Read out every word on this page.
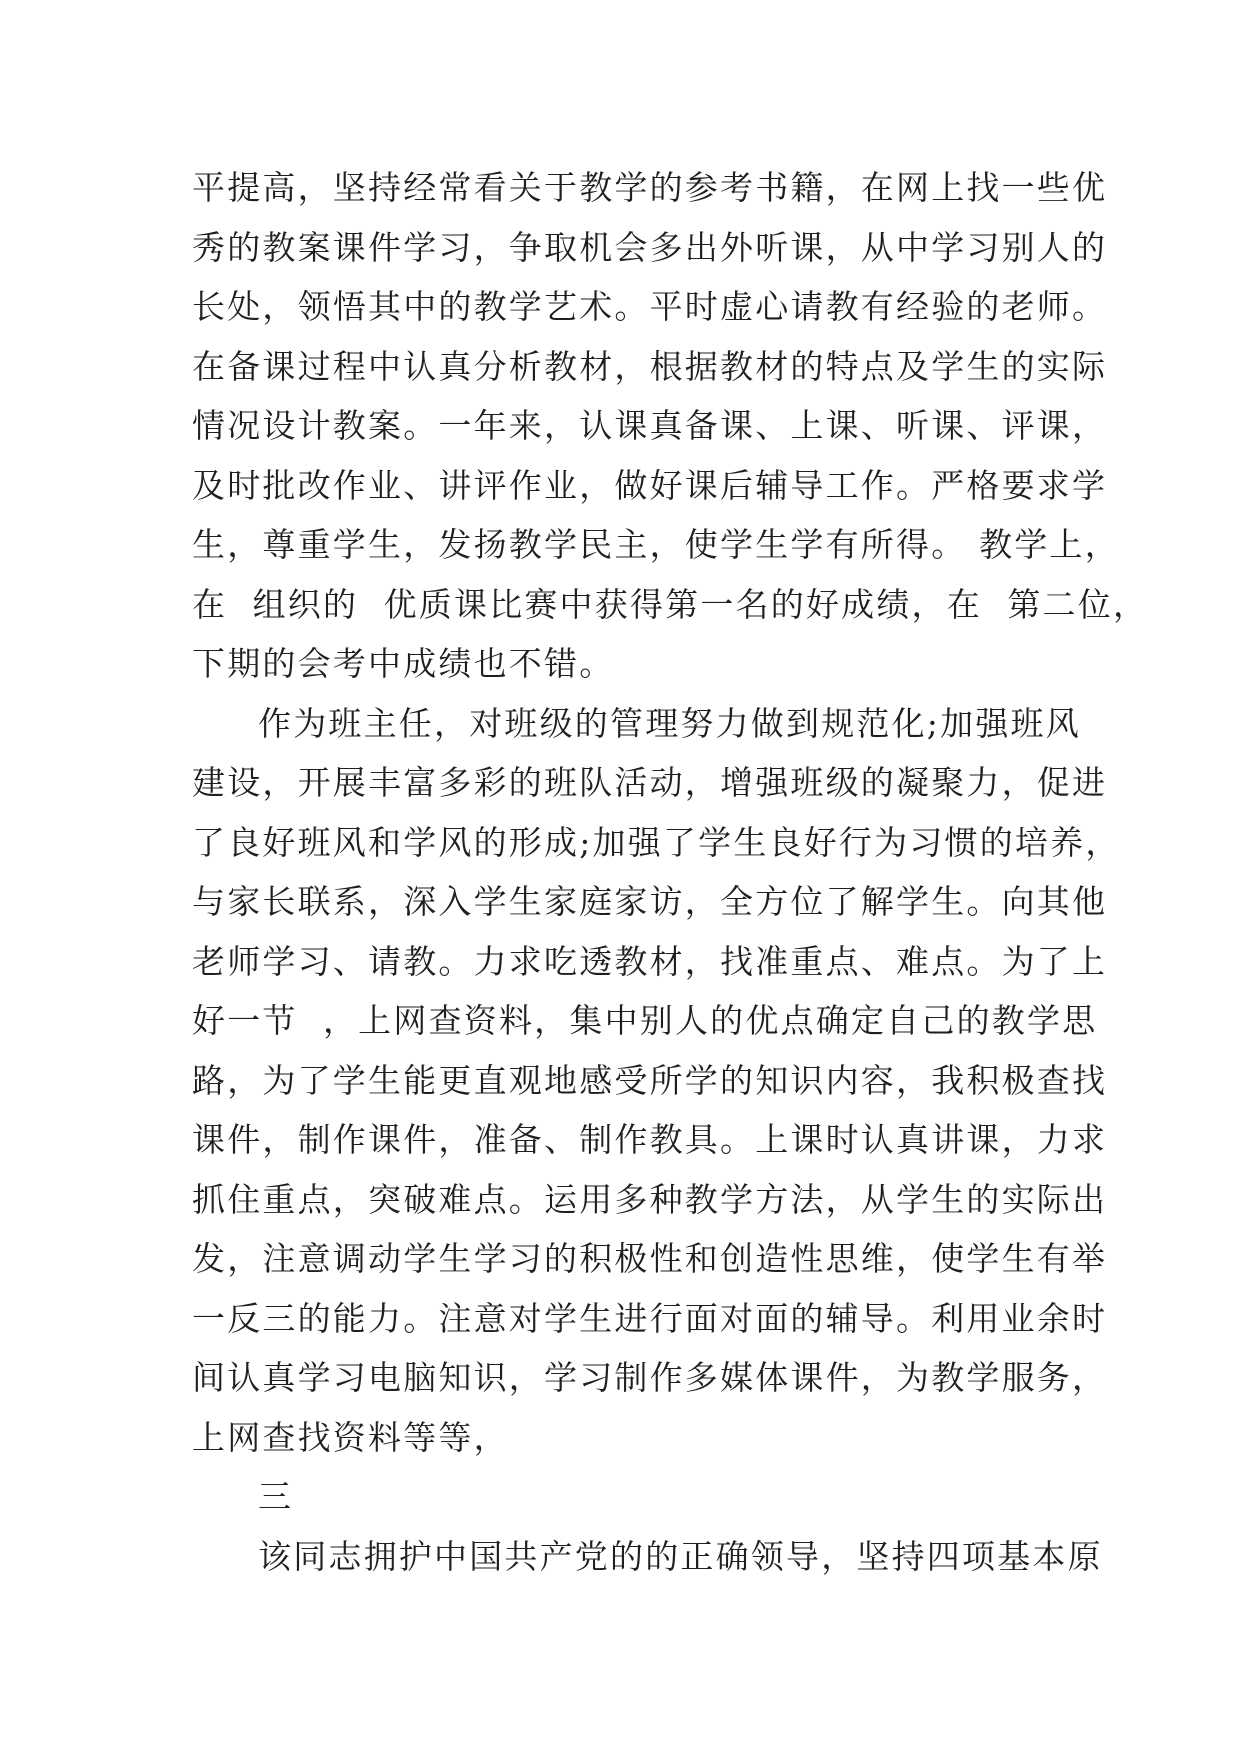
平提高，坚持经常看关于教学的参考书籍，在网上找一些优
秀的教案课件学习，争取机会多出外听课，从中学习别人的
长处，领悟其中的教学艺术。平时虚心请教有经验的老师。
在备课过程中认真分析教材，根据教材的特点及学生的实际
情况设计教案。一年来，认课真备课、上课、听课、评课，
及时批改作业、讲评作业，做好课后辅导工作。严格要求学
生，尊重学生，发扬教学民主，使学生学有所得。 教学上，
在  组织的  优质课比赛中获得第一名的好成绩，在  第二位，
下期的会考中成绩也不错。
作为班主任，对班级的管理努力做到规范化;加强班风
建设，开展丰富多彩的班队活动，增强班级的凝聚力，促进
了良好班风和学风的形成;加强了学生良好行为习惯的培养，
与家长联系，深入学生家庭家访，全方位了解学生。向其他
老师学习、请教。力求吃透教材，找准重点、难点。为了上
好一节  ，上网查资料，集中别人的优点确定自己的教学思
路，为了学生能更直观地感受所学的知识内容，我积极查找
课件，制作课件，准备、制作教具。上课时认真讲课，力求
抓住重点，突破难点。运用多种教学方法，从学生的实际出
发，注意调动学生学习的积极性和创造性思维，使学生有举
一反三的能力。注意对学生进行面对面的辅导。利用业余时
间认真学习电脑知识，学习制作多媒体课件，为教学服务，
上网查找资料等等，
三
该同志拥护中国共产党的的正确领导，坚持四项基本原
